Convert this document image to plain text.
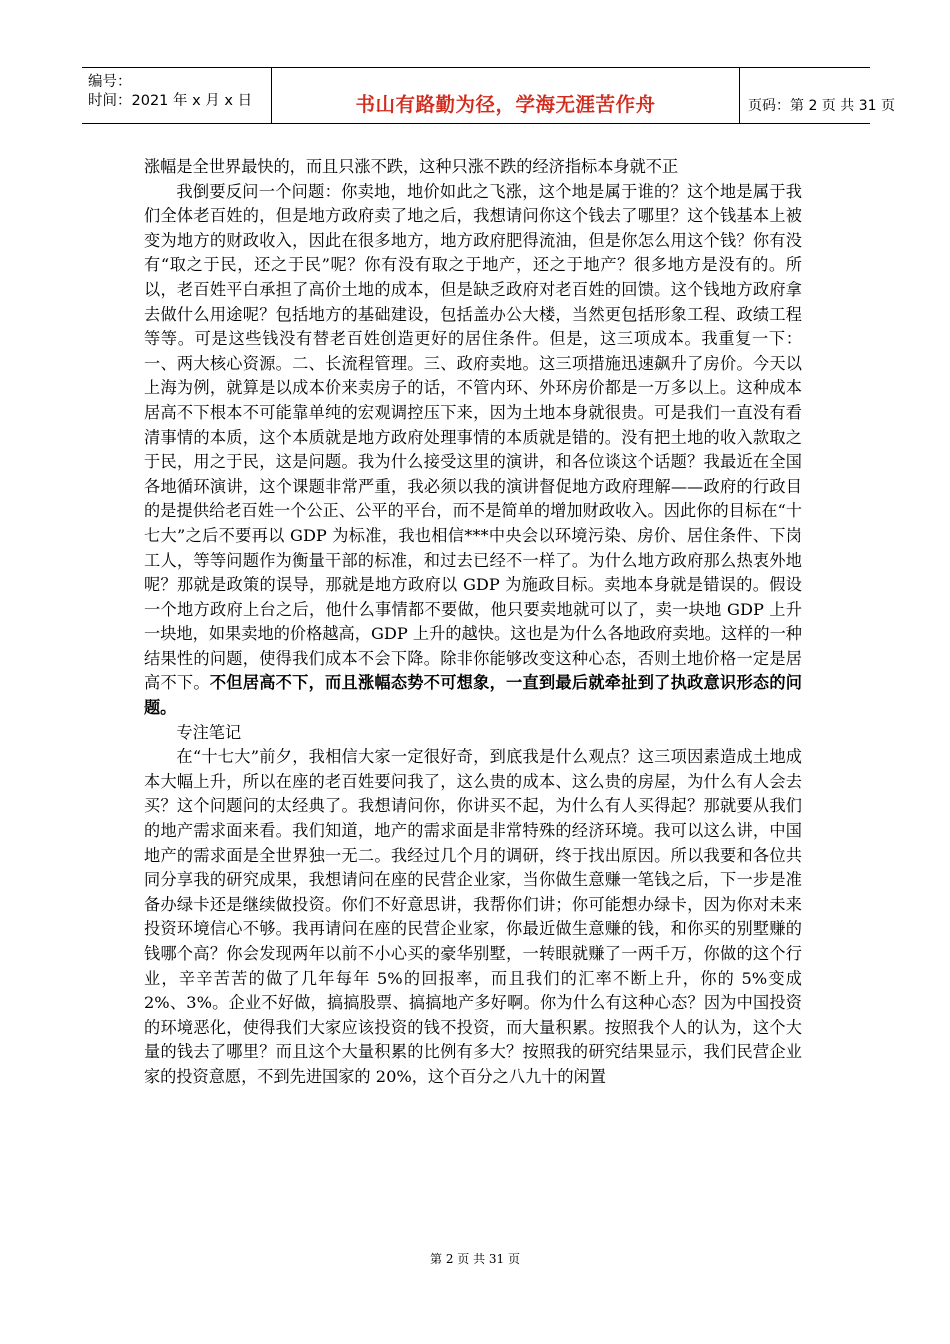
编号：
时间：2021 年 x 月 x 日	书山有路勤为径，学海无涯苦作舟	页码：第 2 页 共 31 页

涨幅是全世界最快的，而且只涨不跌，这种只涨不跌的经济指标本身就不正

我倒要反问一个问题：你卖地，地价如此之飞涨，这个地是属于谁的？这个地是属于我们全体老百姓的，但是地方政府卖了地之后，我想请问你这个钱去了哪里？这个钱基本上被变为地方的财政收入，因此在很多地方，地方政府肥得流油，但是你怎么用这个钱？你有没有“取之于民，还之于民”呢？你有没有取之于地产，还之于地产？很多地方是没有的。所以，老百姓平白承担了高价土地的成本，但是缺乏政府对老百姓的回馈。这个钱地方政府拿去做什么用途呢？包括地方的基础建设，包括盖办公大楼，当然更包括形象工程、政绩工程等等。可是这些钱没有替老百姓创造更好的居住条件。但是，这三项成本。我重复一下：一、两大核心资源。二、长流程管理。三、政府卖地。这三项措施迅速飙升了房价。今天以上海为例，就算是以成本价来卖房子的话，不管内环、外环房价都是一万多以上。这种成本居高不下根本不可能靠单纯的宏观调控压下来，因为土地本身就很贵。可是我们一直没有看清事情的本质，这个本质就是地方政府处理事情的本质就是错的。没有把土地的收入款取之于民，用之于民，这是问题。我为什么接受这里的演讲，和各位谈这个话题？我最近在全国各地循环演讲，这个课题非常严重，我必须以我的演讲督促地方政府理解——政府的行政目的是提供给老百姓一个公正、公平的平台，而不是简单的增加财政收入。因此你的目标在“十七大”之后不要再以 GDP 为标准，我也相信***中央会以环境污染、房价、居住条件、下岗工人，等等问题作为衡量干部的标准，和过去已经不一样了。为什么地方政府那么热衷外地呢？那就是政策的误导，那就是地方政府以 GDP 为施政目标。卖地本身就是错误的。假设一个地方政府上台之后，他什么事情都不要做，他只要卖地就可以了，卖一块地 GDP 上升一块地，如果卖地的价格越高，GDP 上升的越快。这也是为什么各地政府卖地。这样的一种结果性的问题，使得我们成本不会下降。除非你能够改变这种心态，否则土地价格一定是居高不下。不但居高不下，而且涨幅态势不可想象，一直到最后就牵扯到了执政意识形态的问题。

专注笔记

在“十七大”前夕，我相信大家一定很好奇，到底我是什么观点？这三项因素造成土地成本大幅上升，所以在座的老百姓要问我了，这么贵的成本、这么贵的房屋，为什么有人会去买？这个问题问的太经典了。我想请问你，你讲买不起，为什么有人买得起？那就要从我们的地产需求面来看。我们知道，地产的需求面是非常特殊的经济环境。我可以这么讲，中国地产的需求面是全世界独一无二。我经过几个月的调研，终于找出原因。所以我要和各位共同分享我的研究成果，我想请问在座的民营企业家，当你做生意赚一笔钱之后，下一步是准备办绿卡还是继续做投资。你们不好意思讲，我帮你们讲；你可能想办绿卡，因为你对未来投资环境信心不够。我再请问在座的民营企业家，你最近做生意赚的钱，和你买的别墅赚的钱哪个高？你会发现两年以前不小心买的豪华别墅，一转眼就赚了一两千万，你做的这个行业，辛辛苦苦的做了几年每年 5%的回报率，而且我们的汇率不断上升，你的 5%变成 2%、3%。企业不好做，搞搞股票、搞搞地产多好啊。你为什么有这种心态？因为中国投资的环境恶化，使得我们大家应该投资的钱不投资，而大量积累。按照我个人的认为，这个大量的钱去了哪里？而且这个大量积累的比例有多大？按照我的研究结果显示，我们民营企业家的投资意愿，不到先进国家的 20%，这个百分之八九十的闲置

第 2 页 共 31 页
